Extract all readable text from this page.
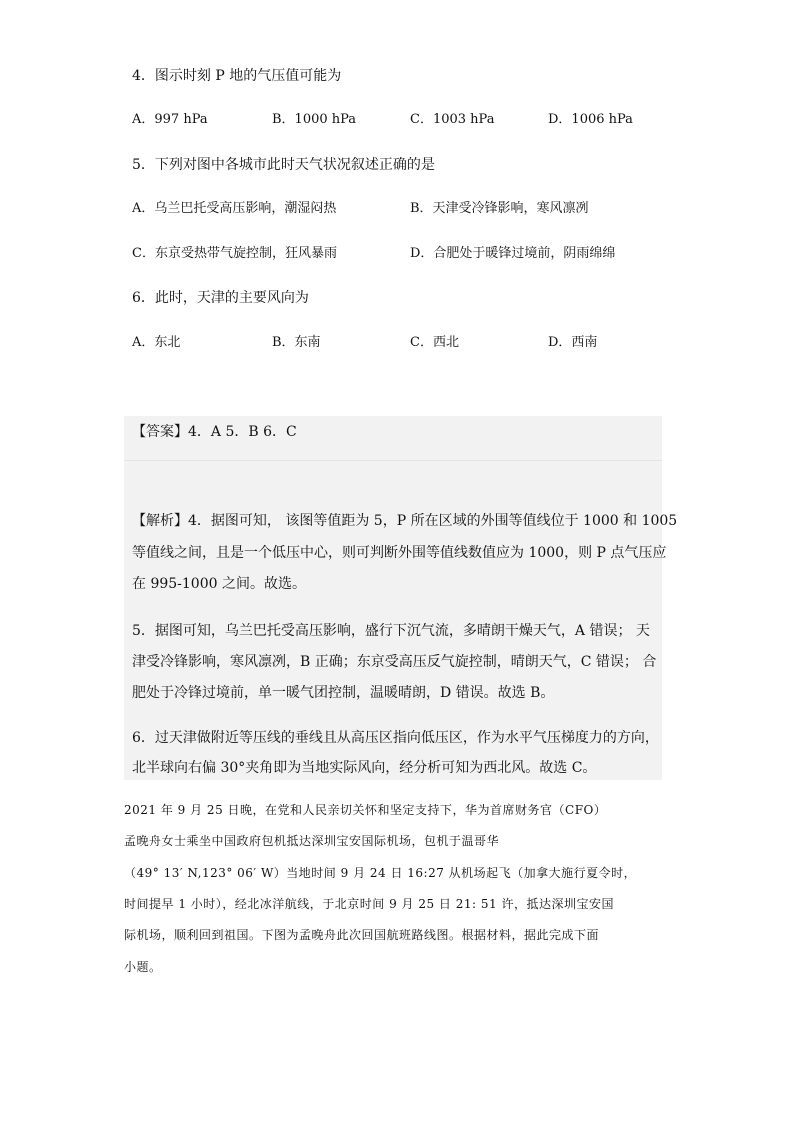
4．图示时刻 P 地的气压值可能为
A．997 hPa	B．1000 hPa	C．1003 hPa	D．1006 hPa
5．下列对图中各城市此时天气状况叙述正确的是
A．乌兰巴托受高压影响，潮湿闷热	B．天津受冷锋影响，寒风凛冽
C．东京受热带气旋控制，狂风暴雨	D．合肥处于暖锋过境前，阴雨绵绵
6．此时，天津的主要风向为
A．东北	B．东南	C．西北	D．西南
【答案】4．A 5．B 6．C
【解析】4．据图可知， 该图等值距为 5，P 所在区域的外围等值线位于 1000 和 1005
等值线之间，且是一个低压中心，则可判断外围等值线数值应为 1000，则 P 点气压应
在 995-1000 之间。故选。
5．据图可知，乌兰巴托受高压影响，盛行下沉气流，多晴朗干燥天气，A 错误； 天
津受冷锋影响，寒风凛冽，B 正确；东京受高压反气旋控制，晴朗天气，C 错误； 合
肥处于冷锋过境前，单一暖气团控制，温暖晴朗，D 错误。故选 B。
6．过天津做附近等压线的垂线且从高压区指向低压区，作为水平气压梯度力的方向，
北半球向右偏 30°夹角即为当地实际风向，经分析可知为西北风。故选 C。
2021 年 9 月 25 日晚，在党和人民亲切关怀和坚定支持下，华为首席财务官（CFO）
孟晚舟女士乘坐中国政府包机抵达深圳宝安国际机场，包机于温哥华
（49° 13′ N,123° 06′ W）当地时间 9 月 24 日 16:27 从机场起飞（加拿大施行夏令时，
时间提早 1 小时），经北冰洋航线，于北京时间 9 月 25 日 21: 51 许，抵达深圳宝安国
际机场，顺利回到祖国。下图为孟晚舟此次回国航班路线图。根据材料，据此完成下面
小题。
